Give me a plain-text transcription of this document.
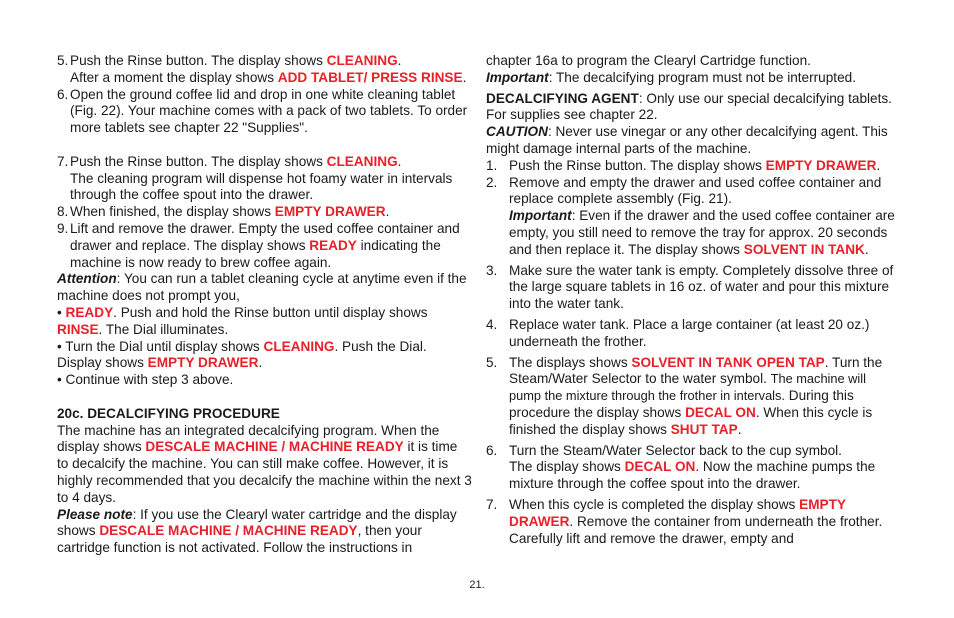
5. Push the Rinse button. The display shows CLEANING.
After a moment the display shows ADD TABLET/ PRESS RINSE.
6. Open the ground coffee lid and drop in one white cleaning tablet (Fig. 22). Your machine comes with a pack of two tablets. To order more tablets see chapter 22 "Supplies".
7. Push the Rinse button. The display shows CLEANING.
The cleaning program will dispense hot foamy water in intervals through the coffee spout into the drawer.
8. When finished, the display shows EMPTY DRAWER.
9. Lift and remove the drawer. Empty the used coffee container and drawer and replace. The display shows READY indicating the machine is now ready to brew coffee again.

Attention: You can run a tablet cleaning cycle at anytime even if the machine does not prompt you,

• READY. Push and hold the Rinse button until display shows RINSE. The Dial illuminates.

• Turn the Dial until display shows CLEANING. Push the Dial. Display shows EMPTY DRAWER.

• Continue with step 3 above.

20c. DECALCIFYING PROCEDURE

The machine has an integrated decalcifying program. When the display shows DESCALE MACHINE / MACHINE READY it is time to decalcify the machine. You can still make coffee. However, it is highly recommended that you decalcify the machine within the next 3 to 4 days.

Please note: If you use the Clearyl water cartridge and the display shows DESCALE MACHINE / MACHINE READY, then your cartridge function is not activated. Follow the instructions in

chapter 16a to program the Clearyl Cartridge function.

Important: The decalcifying program must not be interrupted.

DECALCIFYING AGENT: Only use our special decalcifying tablets. For supplies see chapter 22.

CAUTION: Never use vinegar or any other decalcifying agent. This might damage internal parts of the machine.

1. Push the Rinse button. The display shows EMPTY DRAWER.
2. Remove and empty the drawer and used coffee container and replace complete assembly (Fig. 21).
Important: Even if the drawer and the used coffee container are empty, you still need to remove the tray for approx. 20 seconds and then replace it. The display shows SOLVENT IN TANK.
3. Make sure the water tank is empty. Completely dissolve three of the large square tablets in 16 oz. of water and pour this mixture into the water tank.
4. Replace water tank. Place a large container (at least 20 oz.) underneath the frother.
5. The displays shows SOLVENT IN TANK OPEN TAP. Turn the Steam/Water Selector to the water symbol. The machine will pump the mixture through the frother in intervals. During this procedure the display shows DECAL ON. When this cycle is finished the display shows SHUT TAP.
6. Turn the Steam/Water Selector back to the cup symbol.
The display shows DECAL ON. Now the machine pumps the mixture through the coffee spout into the drawer.
7. When this cycle is completed the display shows EMPTY DRAWER. Remove the container from underneath the frother. Carefully lift and remove the drawer, empty and
21.
